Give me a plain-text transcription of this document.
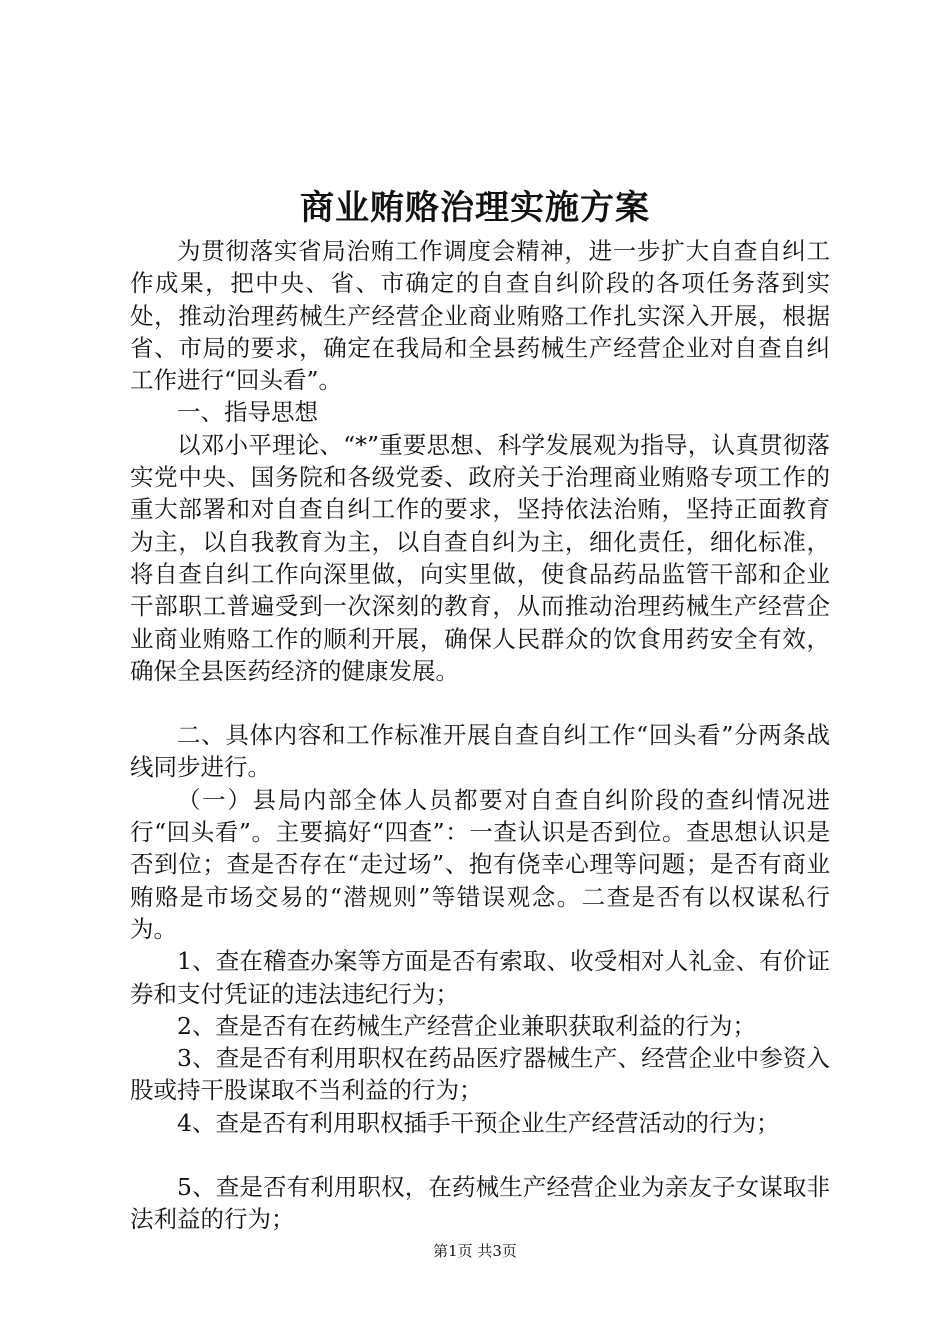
商业贿赂治理实施方案

为贯彻落实省局治贿工作调度会精神，进一步扩大自查自纠工作成果，把中央、省、市确定的自查自纠阶段的各项任务落到实处，推动治理药械生产经营企业商业贿赂工作扎实深入开展，根据省、市局的要求，确定在我局和全县药械生产经营企业对自查自纠工作进行“回头看”。

一、指导思想

以邓小平理论、“*”重要思想、科学发展观为指导，认真贯彻落实党中央、国务院和各级党委、政府关于治理商业贿赂专项工作的重大部署和对自查自纠工作的要求，坚持依法治贿，坚持正面教育为主，以自我教育为主，以自查自纠为主，细化责任，细化标准，将自查自纠工作向深里做，向实里做，使食品药品监管干部和企业干部职工普遍受到一次深刻的教育，从而推动治理药械生产经营企业商业贿赂工作的顺利开展，确保人民群众的饮食用药安全有效，确保全县医药经济的健康发展。

二、具体内容和工作标准开展自查自纠工作“回头看”分两条战线同步进行。

（一）县局内部全体人员都要对自查自纠阶段的查纠情况进行“回头看”。主要搞好“四查”：一查认识是否到位。查思想认识是否到位；查是否存在“走过场”、抱有侥幸心理等问题；是否有商业贿赂是市场交易的“潜规则”等错误观念。二查是否有以权谋私行为。

1、查在稽查办案等方面是否有索取、收受相对人礼金、有价证券和支付凭证的违法违纪行为；

2、查是否有在药械生产经营企业兼职获取利益的行为；

3、查是否有利用职权在药品医疗器械生产、经营企业中参资入股或持干股谋取不当利益的行为；

4、查是否有利用职权插手干预企业生产经营活动的行为；

5、查是否有利用职权，在药械生产经营企业为亲友子女谋取非法利益的行为；

第1页 共3页
